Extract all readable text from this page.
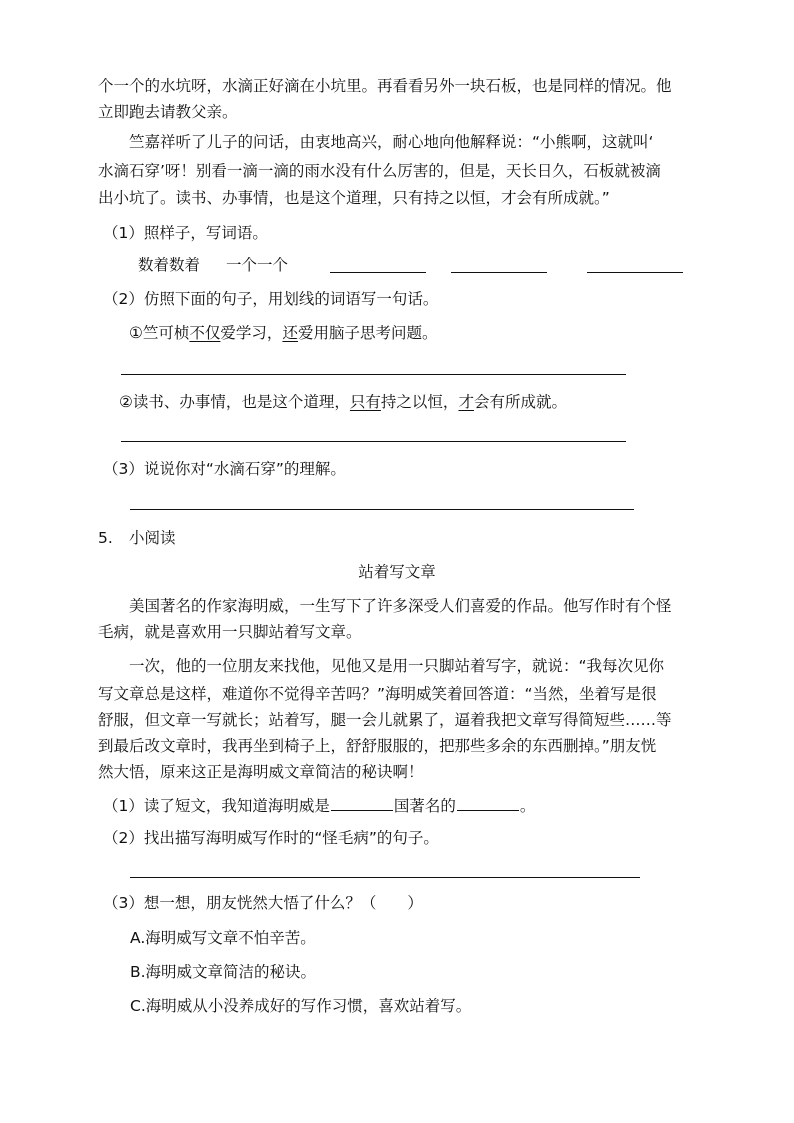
个一个的水坑呀，水滴正好滴在小坑里。再看看另外一块石板，也是同样的情况。他

立即跑去请教父亲。

竺嘉祥听了儿子的问话，由衷地高兴，耐心地向他解释说：“小熊啊，这就叫‘

水滴石穿’呀！别看一滴一滴的雨水没有什么厉害的，但是，天长日久，石板就被滴

出小坑了。读书、办事情，也是这个道理，只有持之以恒，才会有所成就。”

（1）照样子，写词语。

数着数着 一个一个

（2）仿照下面的句子，用划线的词语写一句话。

①竺可桢不仅爱学习，还爱用脑子思考问题。

②读书、办事情，也是这个道理，只有持之以恒，才会有所成就。

（3）说说你对“水滴石穿”的理解。

5. 小阅读

站着写文章

美国著名的作家海明威，一生写下了许多深受人们喜爱的作品。他写作时有个怪

毛病，就是喜欢用一只脚站着写文章。

一次，他的一位朋友来找他，见他又是用一只脚站着写字，就说：“我每次见你

写文章总是这样，难道你不觉得辛苦吗？”海明威笑着回答道：“当然，坐着写是很

舒服，但文章一写就长；站着写，腿一会儿就累了，逼着我把文章写得简短些……等

到最后改文章时，我再坐到椅子上，舒舒服服的，把那些多余的东西删掉。”朋友恍

然大悟，原来这正是海明威文章简洁的秘诀啊！

（1）读了短文，我知道海明威是	国著名的	。

（2）找出描写海明威写作时的“怪毛病”的句子。

（3）想一想，朋友恍然大悟了什么？（　　）

A.海明威写文章不怕辛苦。

B.海明威文章简洁的秘诀。

C.海明威从小没养成好的写作习惯，喜欢站着写。
